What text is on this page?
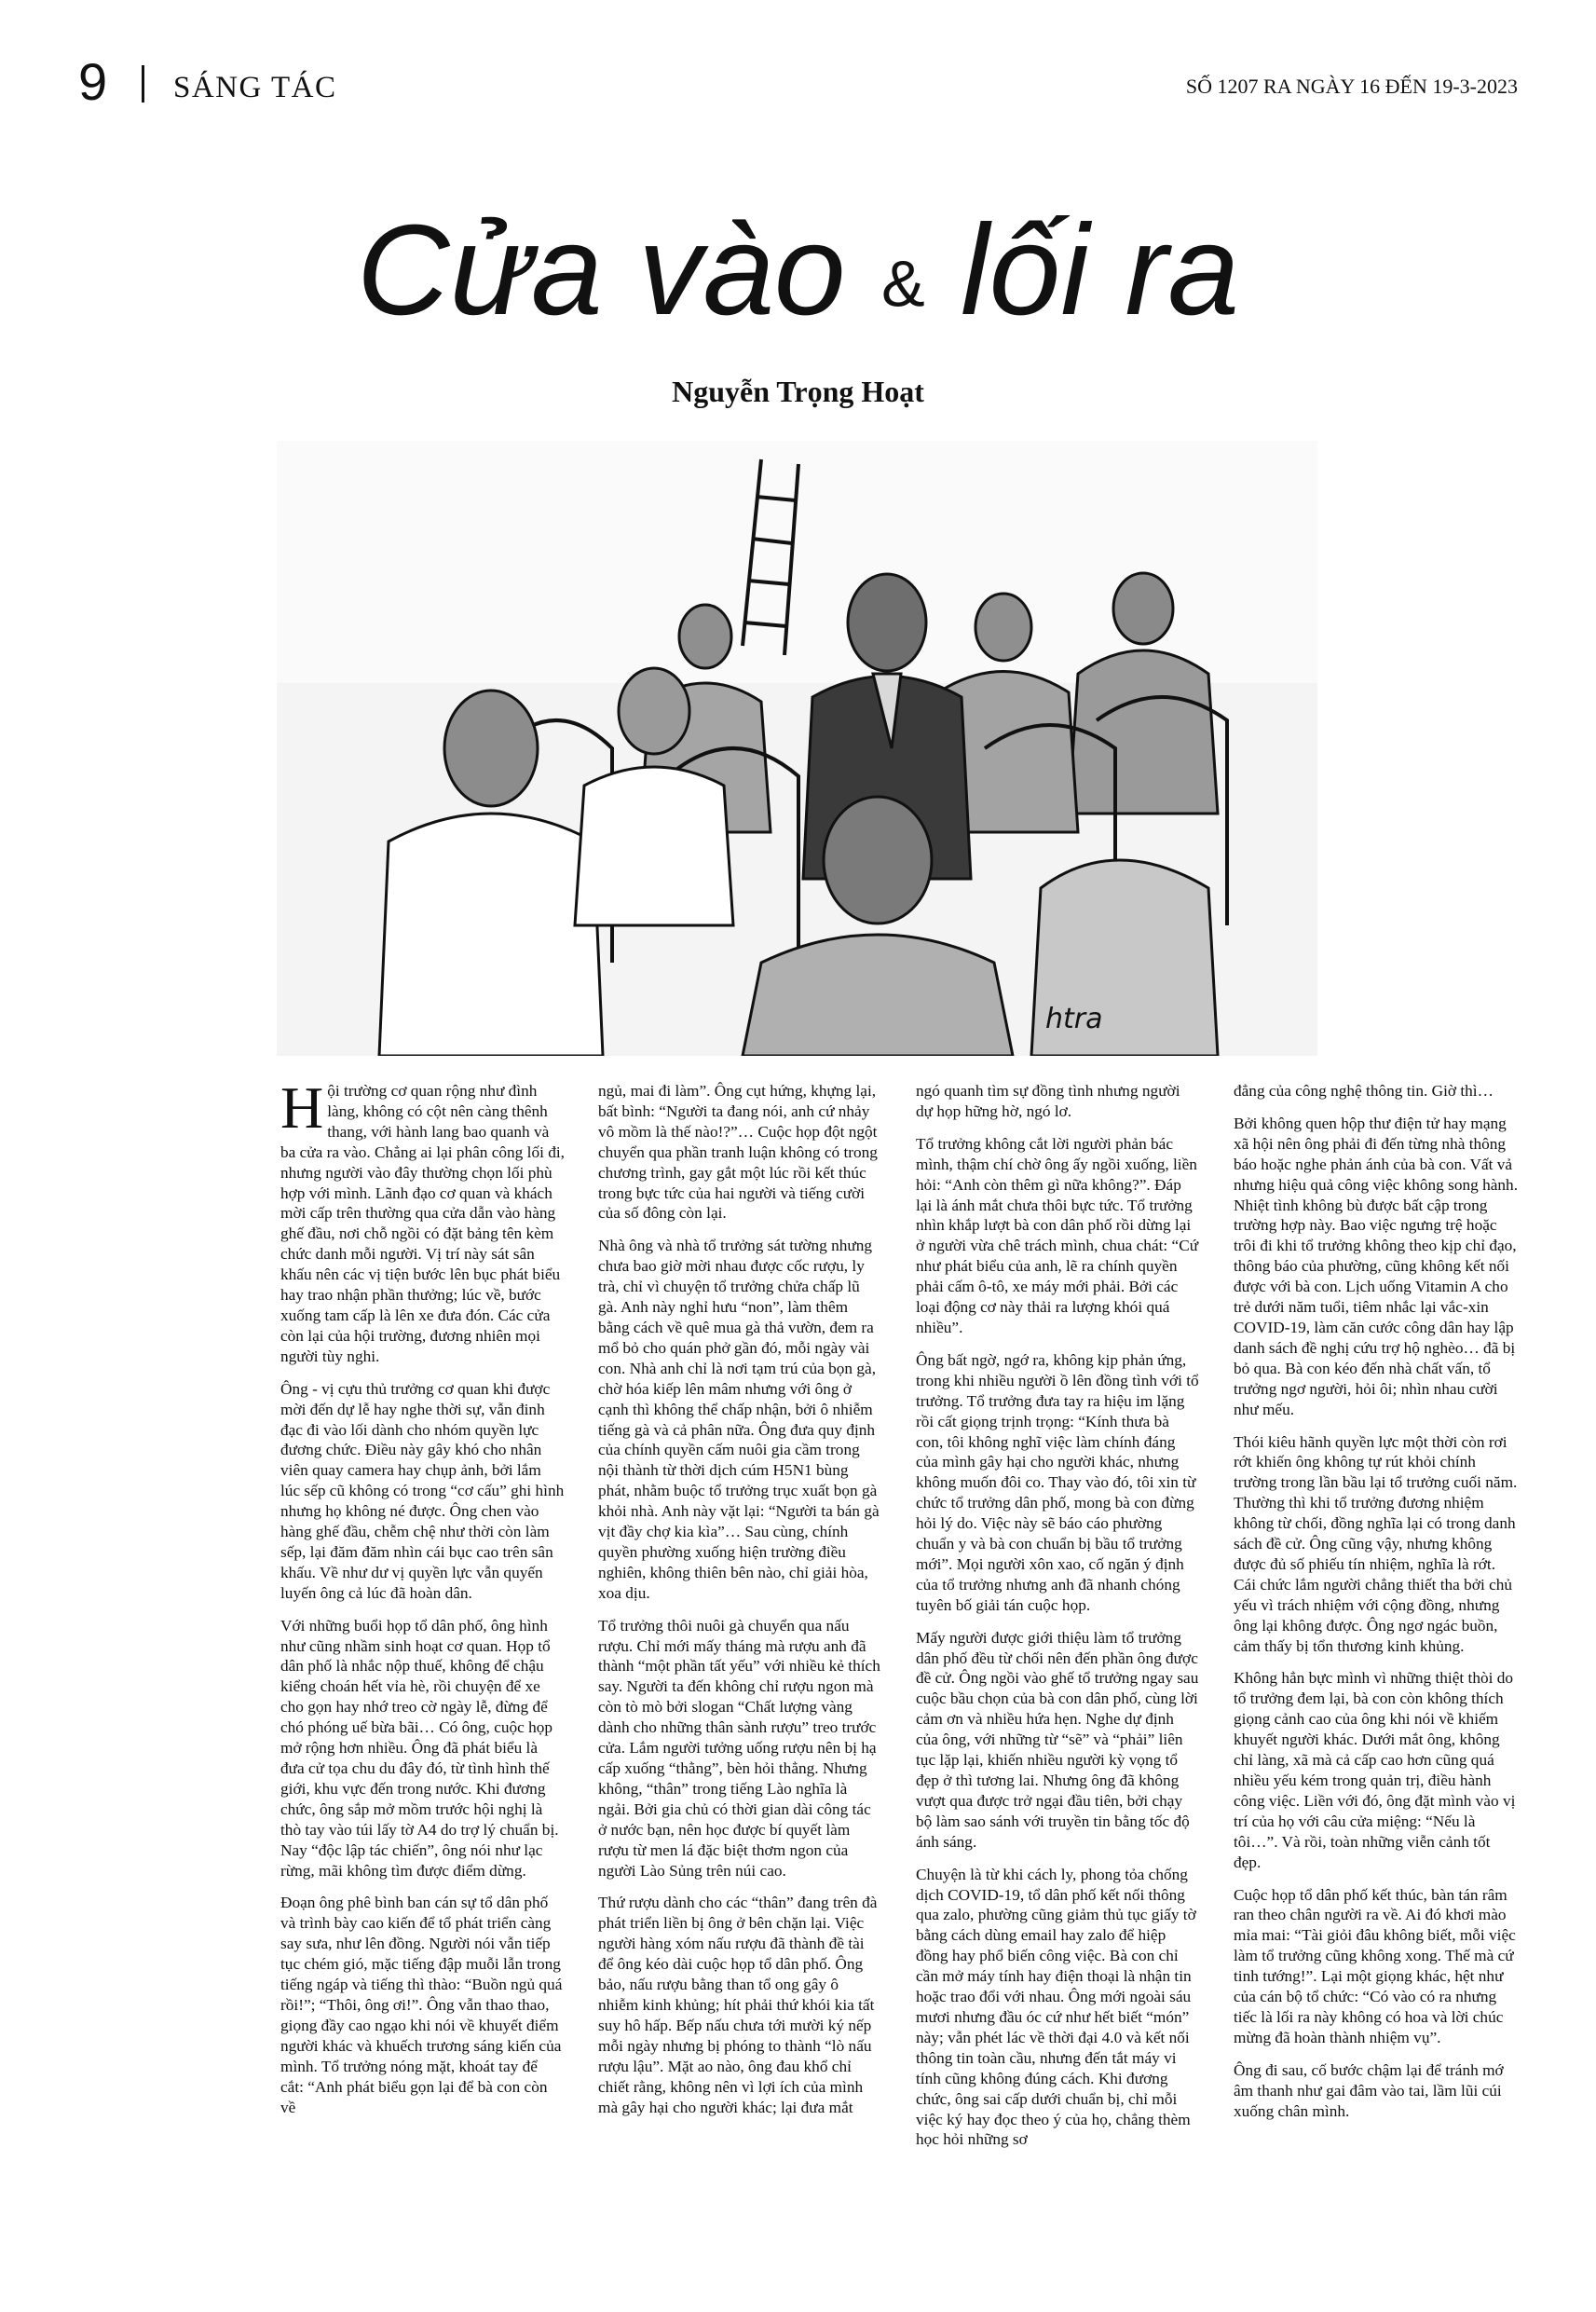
9 SÁNG TÁC	SỐ 1207 RA NGÀY 16 ĐẾN 19-3-2023
Cửa vào & lối ra
Nguyễn Trọng Hoạt
htra

Hội trường cơ quan rộng như đình làng, không có cột nên càng thênh thang, với hành lang bao quanh và ba cửa ra vào. Chẳng ai lại phân công lối đi, nhưng người vào đây thường chọn lối phù hợp với mình. Lãnh đạo cơ quan và khách mời cấp trên thường qua cửa dẫn vào hàng ghế đầu, nơi chỗ ngồi có đặt bảng tên kèm chức danh mỗi người. Vị trí này sát sân khấu nên các vị tiện bước lên bục phát biểu hay trao nhận phần thưởng; lúc về, bước xuống tam cấp là lên xe đưa đón. Các cửa còn lại của hội trường, đương nhiên mọi người tùy nghi.

Ông - vị cựu thủ trưởng cơ quan khi được mời đến dự lễ hay nghe thời sự, vẫn đinh đạc đi vào lối dành cho nhóm quyền lực đương chức. Điều này gây khó cho nhân viên quay camera hay chụp ảnh, bởi lắm lúc sếp cũ không có trong “cơ cấu” ghi hình nhưng họ không né được. Ông chen vào hàng ghế đầu, chễm chệ như thời còn làm sếp, lại đăm đăm nhìn cái bục cao trên sân khấu. Về như dư vị quyền lực vẫn quyến luyến ông cả lúc đã hoàn dân.

Với những buổi họp tổ dân phố, ông hình như cũng nhầm sinh hoạt cơ quan. Họp tổ dân phố là nhắc nộp thuế, không để chậu kiểng choán hết vỉa hè, rồi chuyện để xe cho gọn hay nhớ treo cờ ngày lễ, đừng để chó phóng uế bừa bãi… Có ông, cuộc họp mở rộng hơn nhiều. Ông đã phát biểu là đưa cử tọa chu du đây đó, từ tình hình thế giới, khu vực đến trong nước. Khi đương chức, ông sắp mở mồm trước hội nghị là thò tay vào túi lấy tờ A4 do trợ lý chuẩn bị. Nay “độc lập tác chiến”, ông nói như lạc rừng, mãi không tìm được điểm dừng.

Đoạn ông phê bình ban cán sự tổ dân phố và trình bày cao kiến để tổ phát triển càng say sưa, như lên đồng. Người nói vẫn tiếp tục chém gió, mặc tiếng đập muỗi lẫn trong tiếng ngáp và tiếng thì thào: “Buồn ngủ quá rồi!”; “Thôi, ông ơi!”. Ông vẫn thao thao, giọng đầy cao ngạo khi nói về khuyết điểm người khác và khuếch trương sáng kiến của mình. Tổ trưởng nóng mặt, khoát tay để cắt: “Anh phát biểu gọn lại để bà con còn về

ngủ, mai đi làm”. Ông cụt hứng, khựng lại, bất bình: “Người ta đang nói, anh cứ nhảy vô mồm là thế nào!?”… Cuộc họp đột ngột chuyển qua phần tranh luận không có trong chương trình, gay gắt một lúc rồi kết thúc trong bực tức của hai người và tiếng cười của số đông còn lại.

Nhà ông và nhà tổ trưởng sát tường nhưng chưa bao giờ mời nhau được cốc rượu, ly trà, chỉ vì chuyện tổ trưởng chửa chấp lũ gà. Anh này nghỉ hưu “non”, làm thêm bằng cách về quê mua gà thả vườn, đem ra mổ bỏ cho quán phở gần đó, mỗi ngày vài con. Nhà anh chỉ là nơi tạm trú của bọn gà, chờ hóa kiếp lên mâm nhưng với ông ở cạnh thì không thể chấp nhận, bởi ô nhiễm tiếng gà và cả phân nữa. Ông đưa quy định của chính quyền cấm nuôi gia cầm trong nội thành từ thời dịch cúm H5N1 bùng phát, nhằm buộc tổ trưởng trục xuất bọn gà khỏi nhà. Anh này vặt lại: “Người ta bán gà vịt đầy chợ kia kìa”… Sau cùng, chính quyền phường xuống hiện trường điều nghiên, không thiên bên nào, chỉ giải hòa, xoa dịu.

Tổ trưởng thôi nuôi gà chuyển qua nấu rượu. Chỉ mới mấy tháng mà rượu anh đã thành “một phần tất yếu” với nhiều kẻ thích say. Người ta đến không chỉ rượu ngon mà còn tò mò bởi slogan “Chất lượng vàng dành cho những thân sành rượu” treo trước cửa. Lắm người tưởng uống rượu nên bị hạ cấp xuống “thằng”, bèn hỏi thẳng. Nhưng không, “thân” trong tiếng Lào nghĩa là ngải. Bởi gia chủ có thời gian dài công tác ở nước bạn, nên học được bí quyết làm rượu từ men lá đặc biệt thơm ngon của người Lào Sủng trên núi cao.

Thứ rượu dành cho các “thân” đang trên đà phát triển liền bị ông ở bên chặn lại. Việc người hàng xóm nấu rượu đã thành đề tài để ông kéo dài cuộc họp tổ dân phố. Ông bảo, nấu rượu bằng than tổ ong gây ô nhiễm kinh khủng; hít phải thứ khói kia tất suy hô hấp. Bếp nấu chưa tới mười ký nếp mỗi ngày nhưng bị phóng to thành “lò nấu rượu lậu”. Mặt ao nào, ông đau khổ chỉ chiết rằng, không nên vì lợi ích của mình mà gây hại cho người khác; lại đưa mắt

ngó quanh tìm sự đồng tình nhưng người dự họp hững hờ, ngó lơ.

Tổ trưởng không cắt lời người phản bác mình, thậm chí chờ ông ấy ngồi xuống, liền hỏi: “Anh còn thêm gì nữa không?”. Đáp lại là ánh mắt chưa thôi bực tức. Tổ trưởng nhìn khắp lượt bà con dân phố rồi dừng lại ở người vừa chê trách mình, chua chát: “Cứ như phát biểu của anh, lẽ ra chính quyền phải cấm ô-tô, xe máy mới phải. Bởi các loại động cơ này thải ra lượng khói quá nhiều”.

Ông bất ngờ, ngớ ra, không kịp phản ứng, trong khi nhiều người ồ lên đồng tình với tổ trưởng. Tổ trưởng đưa tay ra hiệu im lặng rồi cất giọng trịnh trọng: “Kính thưa bà con, tôi không nghĩ việc làm chính đáng của mình gây hại cho người khác, nhưng không muốn đôi co. Thay vào đó, tôi xin từ chức tổ trưởng dân phố, mong bà con đừng hỏi lý do. Việc này sẽ báo cáo phường chuẩn y và bà con chuẩn bị bầu tổ trưởng mới”. Mọi người xôn xao, cố ngăn ý định của tổ trưởng nhưng anh đã nhanh chóng tuyên bố giải tán cuộc họp.

Mấy người được giới thiệu làm tổ trưởng dân phố đều từ chối nên đến phần ông được đề cử. Ông ngồi vào ghế tổ trưởng ngay sau cuộc bầu chọn của bà con dân phố, cùng lời cảm ơn và nhiều hứa hẹn. Nghe dự định của ông, với những từ “sẽ” và “phải” liên tục lặp lại, khiến nhiều người kỳ vọng tổ đẹp ở thì tương lai. Nhưng ông đã không vượt qua được trở ngại đầu tiên, bởi chạy bộ làm sao sánh với truyền tin bằng tốc độ ánh sáng.

Chuyện là từ khi cách ly, phong tỏa chống dịch COVID-19, tổ dân phố kết nối thông qua zalo, phường cũng giảm thủ tục giấy tờ bằng cách dùng email hay zalo để hiệp đồng hay phổ biến công việc. Bà con chỉ cần mở máy tính hay điện thoại là nhận tin hoặc trao đổi với nhau. Ông mới ngoài sáu mươi nhưng đầu óc cứ như hết biết “món” này; vẫn phét lác về thời đại 4.0 và kết nối thông tin toàn cầu, nhưng đến tắt máy vi tính cũng không đúng cách. Khi đương chức, ông sai cấp dưới chuẩn bị, chỉ mỗi việc ký hay đọc theo ý của họ, chẳng thèm học hỏi những sơ

đẳng của công nghệ thông tin. Giờ thì…

Bởi không quen hộp thư điện tử hay mạng xã hội nên ông phải đi đến từng nhà thông báo hoặc nghe phản ánh của bà con. Vất vả nhưng hiệu quả công việc không song hành. Nhiệt tình không bù được bất cập trong trường hợp này. Bao việc ngưng trệ hoặc trôi đi khi tổ trưởng không theo kịp chỉ đạo, thông báo của phường, cũng không kết nối được với bà con. Lịch uống Vitamin A cho trẻ dưới năm tuổi, tiêm nhắc lại vắc-xin COVID-19, làm căn cước công dân hay lập danh sách đề nghị cứu trợ hộ nghèo… đã bị bỏ qua. Bà con kéo đến nhà chất vấn, tổ trưởng ngơ người, hỏi ôi; nhìn nhau cười như mếu.

Thói kiêu hãnh quyền lực một thời còn rơi rớt khiến ông không tự rút khỏi chính trường trong lần bầu lại tổ trưởng cuối năm. Thường thì khi tổ trưởng đương nhiệm không từ chối, đồng nghĩa lại có trong danh sách đề cử. Ông cũng vậy, nhưng không được đủ số phiếu tín nhiệm, nghĩa là rớt. Cái chức lắm người chẳng thiết tha bởi chủ yếu vì trách nhiệm với cộng đồng, nhưng ông lại không được. Ông ngơ ngác buồn, cảm thấy bị tổn thương kinh khủng.

Không hẳn bực mình vì những thiệt thòi do tổ trưởng đem lại, bà con còn không thích giọng cảnh cao của ông khi nói về khiếm khuyết người khác. Dưới mắt ông, không chỉ làng, xã mà cả cấp cao hơn cũng quá nhiều yếu kém trong quản trị, điều hành công việc. Liền với đó, ông đặt mình vào vị trí của họ với câu cửa miệng: “Nếu là tôi…”. Và rồi, toàn những viễn cảnh tốt đẹp.

Cuộc họp tổ dân phố kết thúc, bàn tán râm ran theo chân người ra về. Ai đó khơi mào mỉa mai: “Tài giỏi đâu không biết, mỗi việc làm tổ trưởng cũng không xong. Thế mà cứ tinh tướng!”. Lại một giọng khác, hệt như của cán bộ tổ chức: “Có vào có ra nhưng tiếc là lối ra này không có hoa và lời chúc mừng đã hoàn thành nhiệm vụ”.

Ông đi sau, cố bước chậm lại để tránh mớ âm thanh như gai đâm vào tai, lầm lũi cúi xuống chân mình.
